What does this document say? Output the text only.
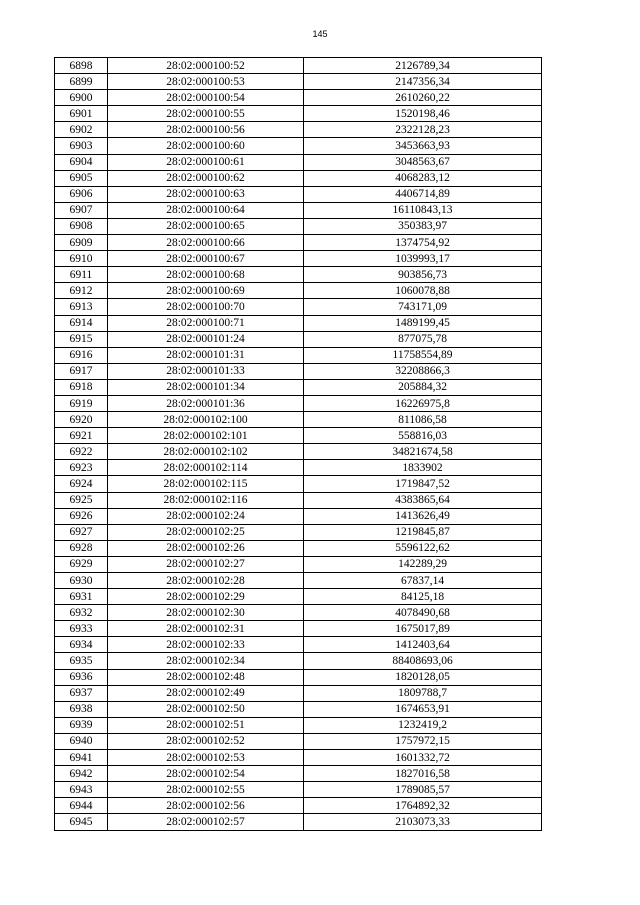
145
6898	28:02:000100:52	2126789,34
6899	28:02:000100:53	2147356,34
6900	28:02:000100:54	2610260,22
6901	28:02:000100:55	1520198,46
6902	28:02:000100:56	2322128,23
6903	28:02:000100:60	3453663,93
6904	28:02:000100:61	3048563,67
6905	28:02:000100:62	4068283,12
6906	28:02:000100:63	4406714,89
6907	28:02:000100:64	16110843,13
6908	28:02:000100:65	350383,97
6909	28:02:000100:66	1374754,92
6910	28:02:000100:67	1039993,17
6911	28:02:000100:68	903856,73
6912	28:02:000100:69	1060078,88
6913	28:02:000100:70	743171,09
6914	28:02:000100:71	1489199,45
6915	28:02:000101:24	877075,78
6916	28:02:000101:31	11758554,89
6917	28:02:000101:33	32208866,3
6918	28:02:000101:34	205884,32
6919	28:02:000101:36	16226975,8
6920	28:02:000102:100	811086,58
6921	28:02:000102:101	558816,03
6922	28:02:000102:102	34821674,58
6923	28:02:000102:114	1833902
6924	28:02:000102:115	1719847,52
6925	28:02:000102:116	4383865,64
6926	28:02:000102:24	1413626,49
6927	28:02:000102:25	1219845,87
6928	28:02:000102:26	5596122,62
6929	28:02:000102:27	142289,29
6930	28:02:000102:28	67837,14
6931	28:02:000102:29	84125,18
6932	28:02:000102:30	4078490,68
6933	28:02:000102:31	1675017,89
6934	28:02:000102:33	1412403,64
6935	28:02:000102:34	88408693,06
6936	28:02:000102:48	1820128,05
6937	28:02:000102:49	1809788,7
6938	28:02:000102:50	1674653,91
6939	28:02:000102:51	1232419,2
6940	28:02:000102:52	1757972,15
6941	28:02:000102:53	1601332,72
6942	28:02:000102:54	1827016,58
6943	28:02:000102:55	1789085,57
6944	28:02:000102:56	1764892,32
6945	28:02:000102:57	2103073,33
